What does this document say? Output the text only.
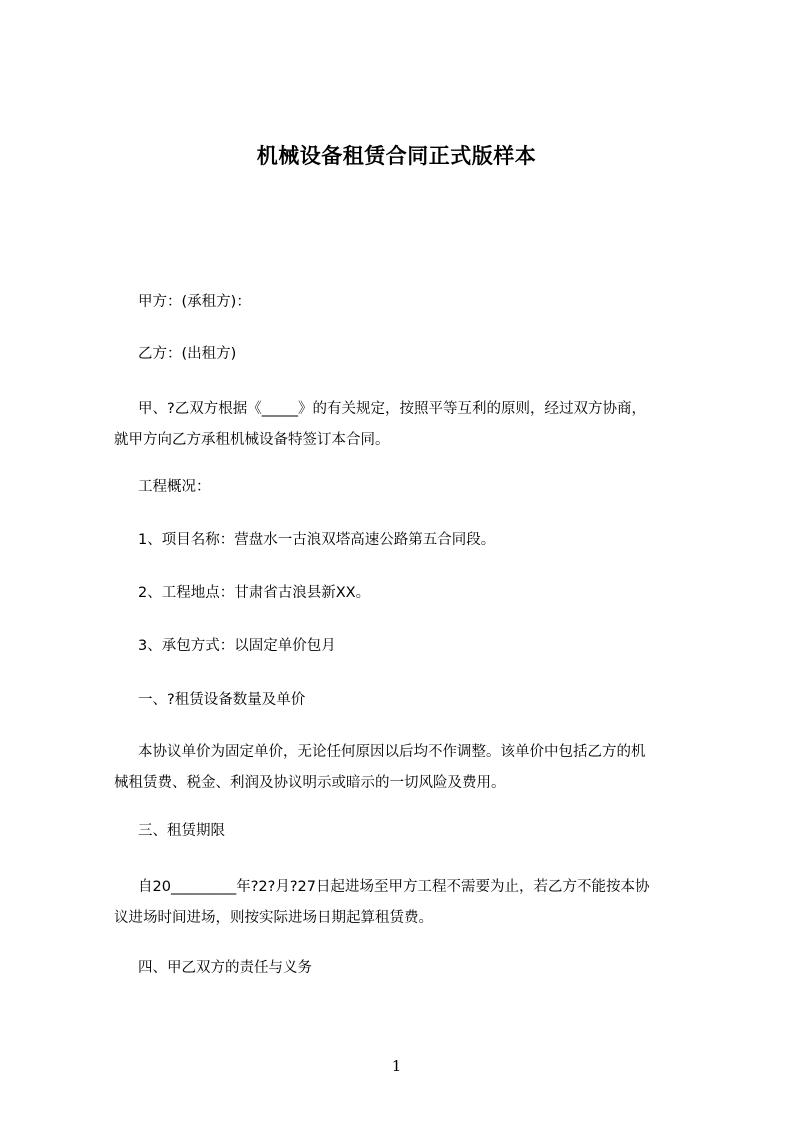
机械设备租赁合同正式版样本
甲方：(承租方)：
乙方：(出租方)
甲、?乙双方根据《_____》的有关规定，按照平等互利的原则，经过双方协商，
就甲方向乙方承租机械设备特签订本合同。
工程概况：
1、项目名称：营盘水一古浪双塔高速公路第五合同段。
2、工程地点：甘肃省古浪县新XX。
3、承包方式：以固定单价包月
一、?租赁设备数量及单价
本协议单价为固定单价，无论任何原因以后均不作调整。该单价中包括乙方的机
械租赁费、税金、利润及协议明示或暗示的一切风险及费用。
三、租赁期限
自20_________年?2?月?27日起进场至甲方工程不需要为止，若乙方不能按本协
议进场时间进场，则按实际进场日期起算租赁费。
四、甲乙双方的责任与义务
1
